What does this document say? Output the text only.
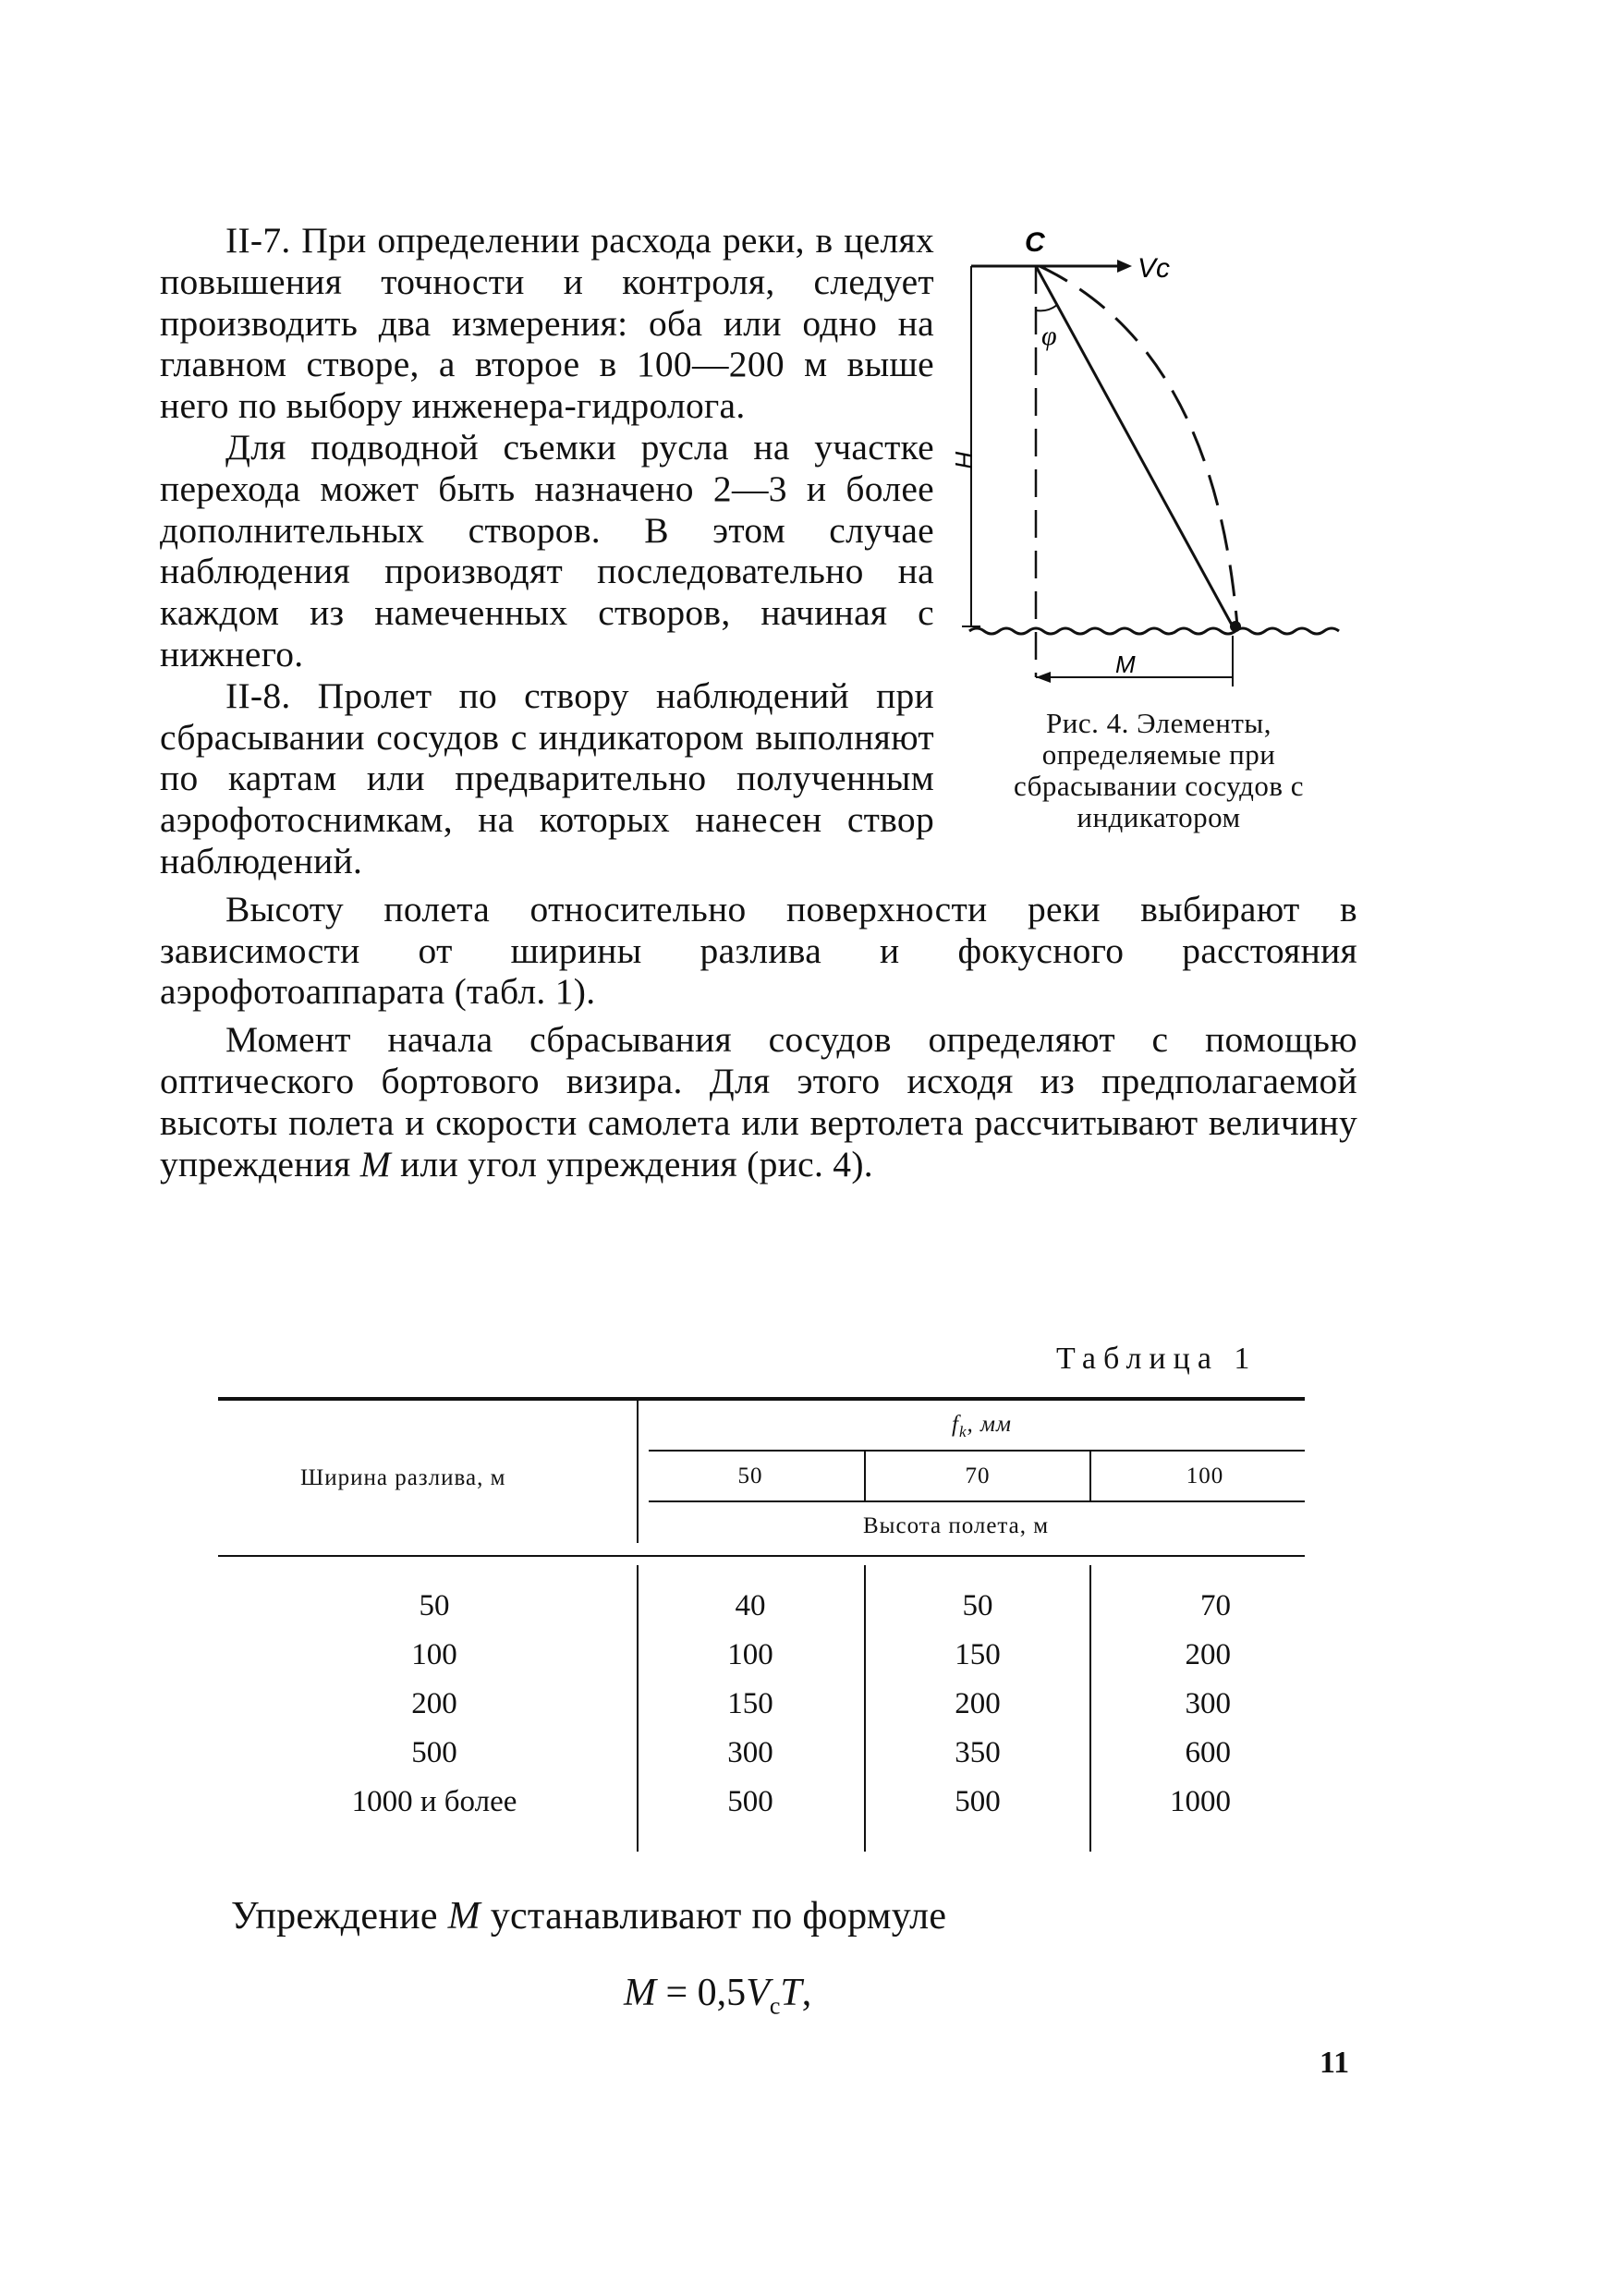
C
Vc
φ
H
M
Рис. 4. Элементы, определяемые при сбрасывании сосудов с индикатором

II-7. При определении расхода реки, в целях повышения точности и контроля, следует производить два измерения: оба или одно на главном створе, а второе в 100—200 м выше него по выбору инженера-гидролога.

Для подводной съемки русла на участке перехода может быть назначено 2—3 и более дополнительных створов. В этом случае наблюдения производят последовательно на каждом из намеченных створов, начиная с нижнего.

II-8. Пролет по створу наблюдений при сбрасывании сосудов с индикатором выполняют по картам или предварительно полученным аэрофотоснимкам, на которых нанесен створ наблюдений.

Высоту полета относительно поверхности реки выбирают в зависимости от ширины разлива и фокусного расстояния аэрофотоаппарата (табл. 1).

Момент начала сбрасывания сосудов определяют с помощью оптического бортового визира. Для этого исходя из предполагаемой высоты полета и скорости самолета или вертолета рассчитывают величину упреждения M или угол упреждения (рис. 4).

Таблица 1
Ширина разлива, м
$f_k$, мм
50	70	100
Высота полета, м
50	40	50	70
100	100	150	200
200	150	200	300
500	300	350	600
1000 и более	500	500	1000
Упреждение M устанавливают по формуле
$M = 0,5V_cT$,
11
